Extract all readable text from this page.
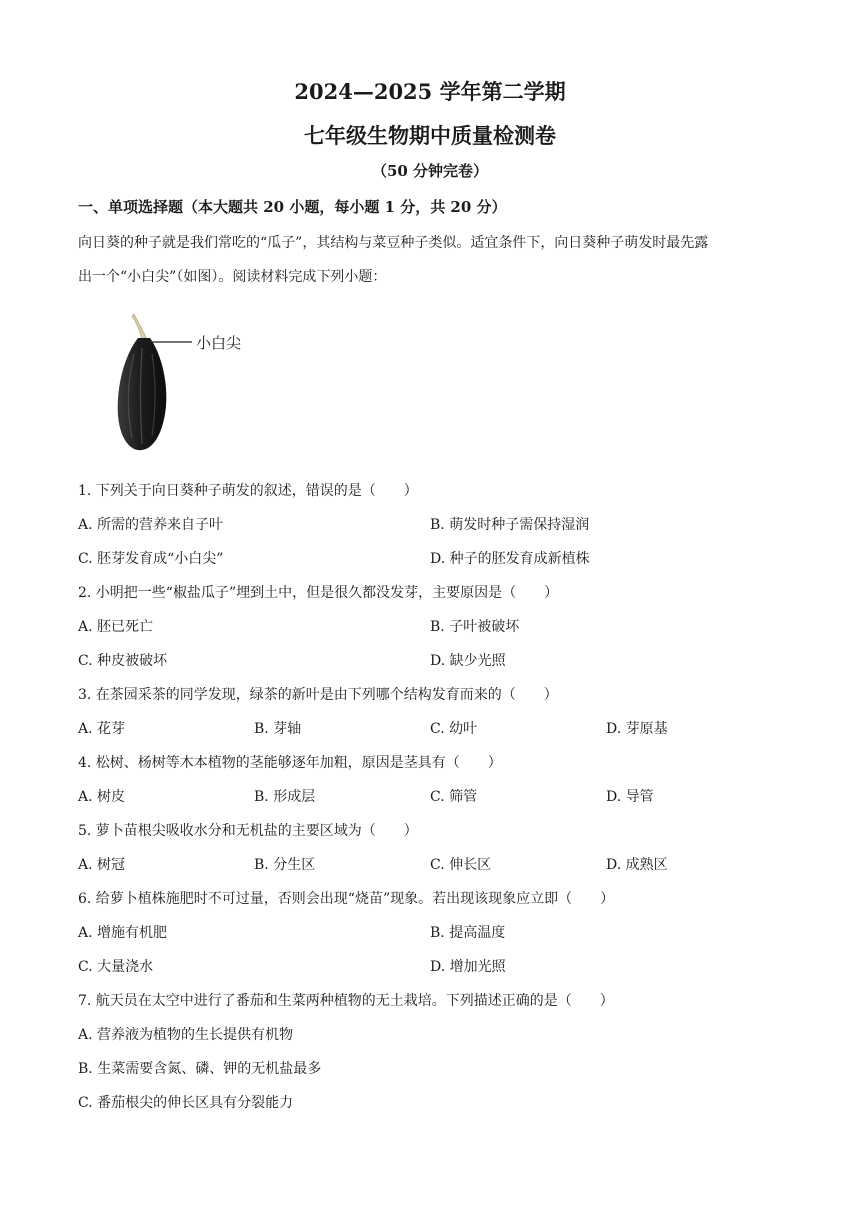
2024—2025 学年第二学期
七年级生物期中质量检测卷
（50 分钟完卷）
一、单项选择题（本大题共 20 小题，每小题 1 分，共 20 分）
向日葵的种子就是我们常吃的“瓜子”，其结构与菜豆种子类似。适宜条件下，向日葵种子萌发时最先露
出一个“小白尖”（如图）。阅读材料完成下列小题：
小白尖
1. 下列关于向日葵种子萌发的叙述，错误的是（　　）
A. 所需的营养来自子叶	B. 萌发时种子需保持湿润
C. 胚芽发育成“小白尖”	D. 种子的胚发育成新植株
2. 小明把一些“椒盐瓜子”埋到土中，但是很久都没发芽，主要原因是（　　）
A. 胚已死亡	B. 子叶被破坏
C. 种皮被破坏	D. 缺少光照
3. 在茶园采茶的同学发现，绿茶的新叶是由下列哪个结构发育而来的（　　）
A. 花芽	B. 芽轴	C. 幼叶	D. 芽原基
4. 松树、杨树等木本植物的茎能够逐年加粗，原因是茎具有（　　）
A. 树皮	B. 形成层	C. 筛管	D. 导管
5. 萝卜苗根尖吸收水分和无机盐的主要区域为（　　）
A. 树冠	B. 分生区	C. 伸长区	D. 成熟区
6. 给萝卜植株施肥时不可过量，否则会出现“烧苗”现象。若出现该现象应立即（　　）
A. 增施有机肥	B. 提高温度
C. 大量浇水	D. 增加光照
7. 航天员在太空中进行了番茄和生菜两种植物的无土栽培。下列描述正确的是（　　）
A. 营养液为植物的生长提供有机物
B. 生菜需要含氮、磷、钾的无机盐最多
C. 番茄根尖的伸长区具有分裂能力
